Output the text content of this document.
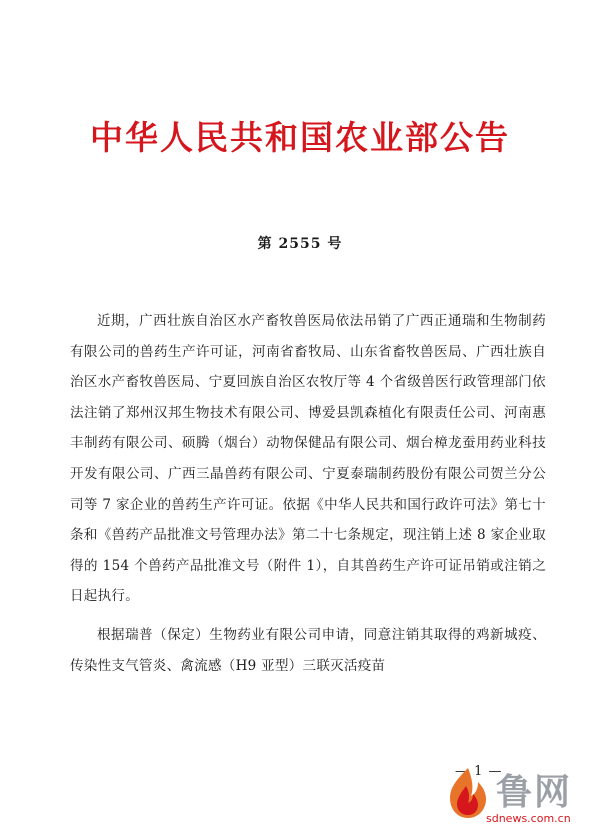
中华人民共和国农业部公告
第 2555 号

近期，广西壮族自治区水产畜牧兽医局依法吊销了广西正通瑞和生物制药有限公司的兽药生产许可证，河南省畜牧局、山东省畜牧兽医局、广西壮族自治区水产畜牧兽医局、宁夏回族自治区农牧厅等 4 个省级兽医行政管理部门依法注销了郑州汉邦生物技术有限公司、博爱县凯森植化有限责任公司、河南惠丰制药有限公司、硕腾（烟台）动物保健品有限公司、烟台樟龙蚕用药业科技开发有限公司、广西三晶兽药有限公司、宁夏泰瑞制药股份有限公司贺兰分公司等 7 家企业的兽药生产许可证。依据《中华人民共和国行政许可法》第七十条和《兽药产品批准文号管理办法》第二十七条规定，现注销上述 8 家企业取得的 154 个兽药产品批准文号（附件 1），自其兽药生产许可证吊销或注销之日起执行。

根据瑞普（保定）生物药业有限公司申请，同意注销其取得的鸡新城疫、传染性支气管炎、禽流感（H9 亚型）三联灭活疫苗

— 1 —
鲁网
sdnews.com.cn
